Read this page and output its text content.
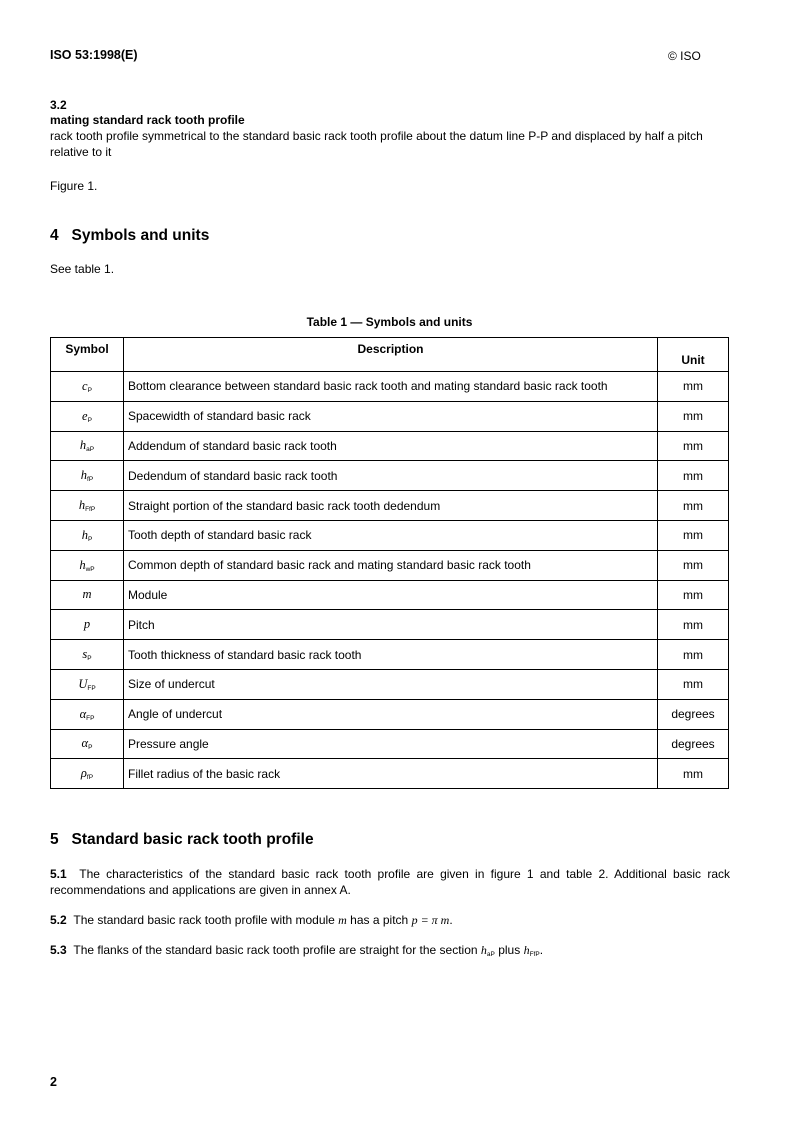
ISO 53:1998(E)	© ISO
3.2
mating standard rack tooth profile
rack tooth profile symmetrical to the standard basic rack tooth profile about the datum line P-P and displaced by half a pitch relative to it
Figure 1.
4   Symbols and units
See table 1.
Table 1 — Symbols and units
Symbol	Description	Unit
$c_P$	Bottom clearance between standard basic rack tooth and mating standard basic rack tooth	mm
$e_P$	Spacewidth of standard basic rack	mm
$h_{aP}$	Addendum of standard basic rack tooth	mm
$h_{fP}$	Dedendum of standard basic rack tooth	mm
$h_{FfP}$	Straight portion of the standard basic rack tooth dedendum	mm
$h_P$	Tooth depth of standard basic rack	mm
$h_{wP}$	Common depth of standard basic rack and mating standard basic rack tooth	mm
m	Module	mm
p	Pitch	mm
$s_P$	Tooth thickness of standard basic rack tooth	mm
$U_{FP}$	Size of undercut	mm
$\alpha_{FP}$	Angle of undercut	degrees
$\alpha_P$	Pressure angle	degrees
$\rho_{fP}$	Fillet radius of the basic rack	mm
5   Standard basic rack tooth profile
5.1 The characteristics of the standard basic rack tooth profile are given in figure 1 and table 2. Additional basic rack recommendations and applications are given in annex A.
5.2 The standard basic rack tooth profile with module m has a pitch p = π m.
5.3 The flanks of the standard basic rack tooth profile are straight for the section $h_{aP}$ plus $h_{FfP}$.
2
